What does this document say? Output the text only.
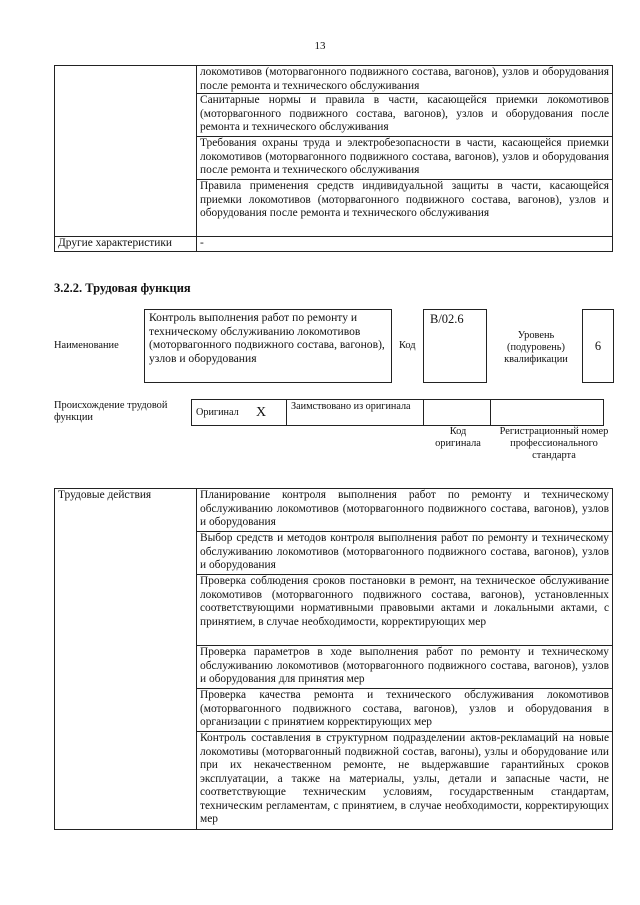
13
	локомотивов (моторвагонного подвижного состава, вагонов), узлов и оборудования после ремонта и технического обслуживания
	Санитарные нормы и правила в части, касающейся приемки локомотивов (моторвагонного подвижного состава, вагонов), узлов и оборудования после ремонта и технического обслуживания
	Требования охраны труда и электробезопасности в части, касающейся приемки локомотивов (моторвагонного подвижного состава, вагонов), узлов и оборудования после ремонта и технического обслуживания
	Правила применения средств индивидуальной защиты в части, касающейся приемки локомотивов (моторвагонного подвижного состава, вагонов), узлов и оборудования после ремонта и технического обслуживания
Другие характеристики	-
3.2.2. Трудовая функция
Наименование
Контроль выполнения работ по ремонту и техническому обслуживанию локомотивов (моторвагонного подвижного состава, вагонов), узлов и оборудования
Код
B/02.6
Уровень (подуровень) квалификации
6
Происхождение трудовой функции	Оригинал	X	Заимствовано из оригинала		
Код оригинала
Регистрационный номер профессионального стандарта
Трудовые действия	Планирование контроля выполнения работ по ремонту и техническому обслуживанию локомотивов (моторвагонного подвижного состава, вагонов), узлов и оборудования
Выбор средств и методов контроля выполнения работ по ремонту и техническому обслуживанию локомотивов (моторвагонного подвижного состава, вагонов), узлов и оборудования
Проверка соблюдения сроков постановки в ремонт, на техническое обслуживание локомотивов (моторвагонного подвижного состава, вагонов), установленных соответствующими нормативными правовыми актами и локальными актами, с принятием, в случае необходимости, корректирующих мер
Проверка параметров в ходе выполнения работ по ремонту и техническому обслуживанию локомотивов (моторвагонного подвижного состава, вагонов), узлов и оборудования для принятия мер
Проверка качества ремонта и технического обслуживания локомотивов (моторвагонного подвижного состава, вагонов), узлов и оборудования в организации с принятием корректирующих мер
Контроль составления в структурном подразделении актов-рекламаций на новые локомотивы (моторвагонный подвижной состав, вагоны), узлы и оборудование или при их некачественном ремонте, не выдержавшие гарантийных сроков эксплуатации, а также на материалы, узлы, детали и запасные части, не соответствующие техническим условиям, государственным стандартам, техническим регламентам, с принятием, в случае необходимости, корректирующих мер
